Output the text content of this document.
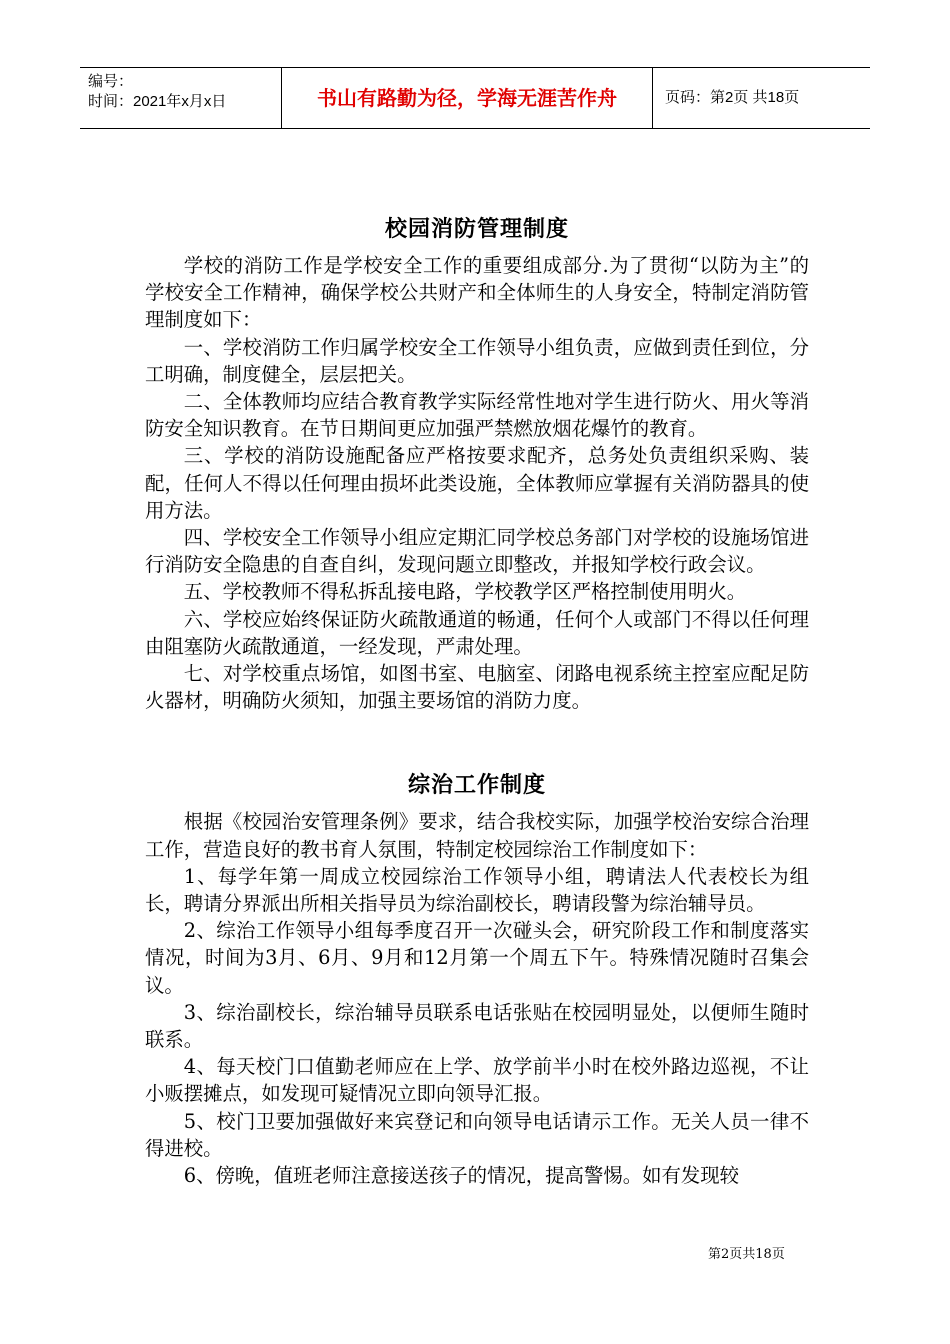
编号：
时间：2021年x月x日	书山有路勤为径，学海无涯苦作舟	页码：第2页 共18页
校园消防管理制度

学校的消防工作是学校安全工作的重要组成部分.为了贯彻“以防为主”的学校安全工作精神，确保学校公共财产和全体师生的人身安全，特制定消防管理制度如下：

一、学校消防工作归属学校安全工作领导小组负责，应做到责任到位，分工明确，制度健全，层层把关。

二、全体教师均应结合教育教学实际经常性地对学生进行防火、用火等消防安全知识教育。在节日期间更应加强严禁燃放烟花爆竹的教育。

三、学校的消防设施配备应严格按要求配齐，总务处负责组织采购、装配，任何人不得以任何理由损坏此类设施，全体教师应掌握有关消防器具的使用方法。

四、学校安全工作领导小组应定期汇同学校总务部门对学校的设施场馆进行消防安全隐患的自查自纠，发现问题立即整改，并报知学校行政会议。

五、学校教师不得私拆乱接电路，学校教学区严格控制使用明火。

六、学校应始终保证防火疏散通道的畅通，任何个人或部门不得以任何理由阻塞防火疏散通道，一经发现，严肃处理。

七、对学校重点场馆，如图书室、电脑室、闭路电视系统主控室应配足防火器材，明确防火须知，加强主要场馆的消防力度。

综治工作制度

根据《校园治安管理条例》要求，结合我校实际，加强学校治安综合治理工作，营造良好的教书育人氛围，特制定校园综治工作制度如下：

1、每学年第一周成立校园综治工作领导小组，聘请法人代表校长为组长，聘请分界派出所相关指导员为综治副校长，聘请段警为综治辅导员。

2、综治工作领导小组每季度召开一次碰头会，研究阶段工作和制度落实情况，时间为3月、6月、9月和12月第一个周五下午。特殊情况随时召集会议。

3、综治副校长，综治辅导员联系电话张贴在校园明显处，以便师生随时联系。

4、每天校门口值勤老师应在上学、放学前半小时在校外路边巡视，不让小贩摆摊点，如发现可疑情况立即向领导汇报。

5、校门卫要加强做好来宾登记和向领导电话请示工作。无关人员一律不得进校。

6、傍晚，值班老师注意接送孩子的情况，提高警惕。如有发现较

第2页共18页
